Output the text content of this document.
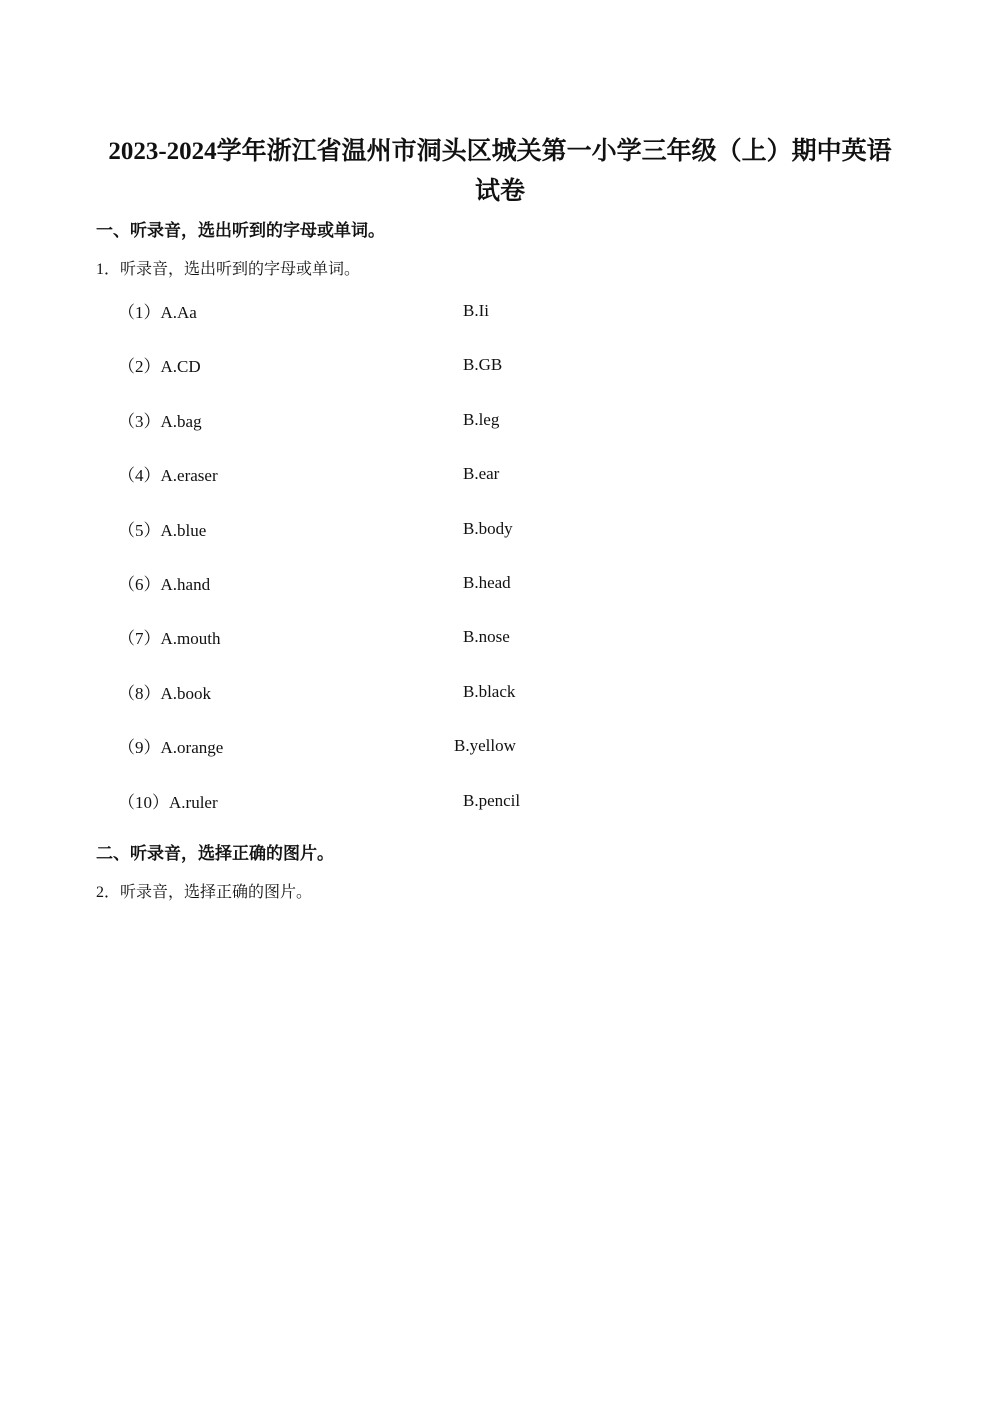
2023-2024学年浙江省温州市洞头区城关第一小学三年级（上）期中英语
试卷
一、听录音，选出听到的字母或单词。
1．听录音，选出听到的字母或单词。
（1）A.Aa	B.Ii
（2）A.CD	B.GB
（3）A.bag	B.leg
（4）A.eraser	B.ear
（5）A.blue	B.body
（6）A.hand	B.head
（7）A.mouth	B.nose
（8）A.book	B.black
（9）A.orange	B.yellow
（10）A.ruler	B.pencil
二、听录音，选择正确的图片。
2．听录音，选择正确的图片。
